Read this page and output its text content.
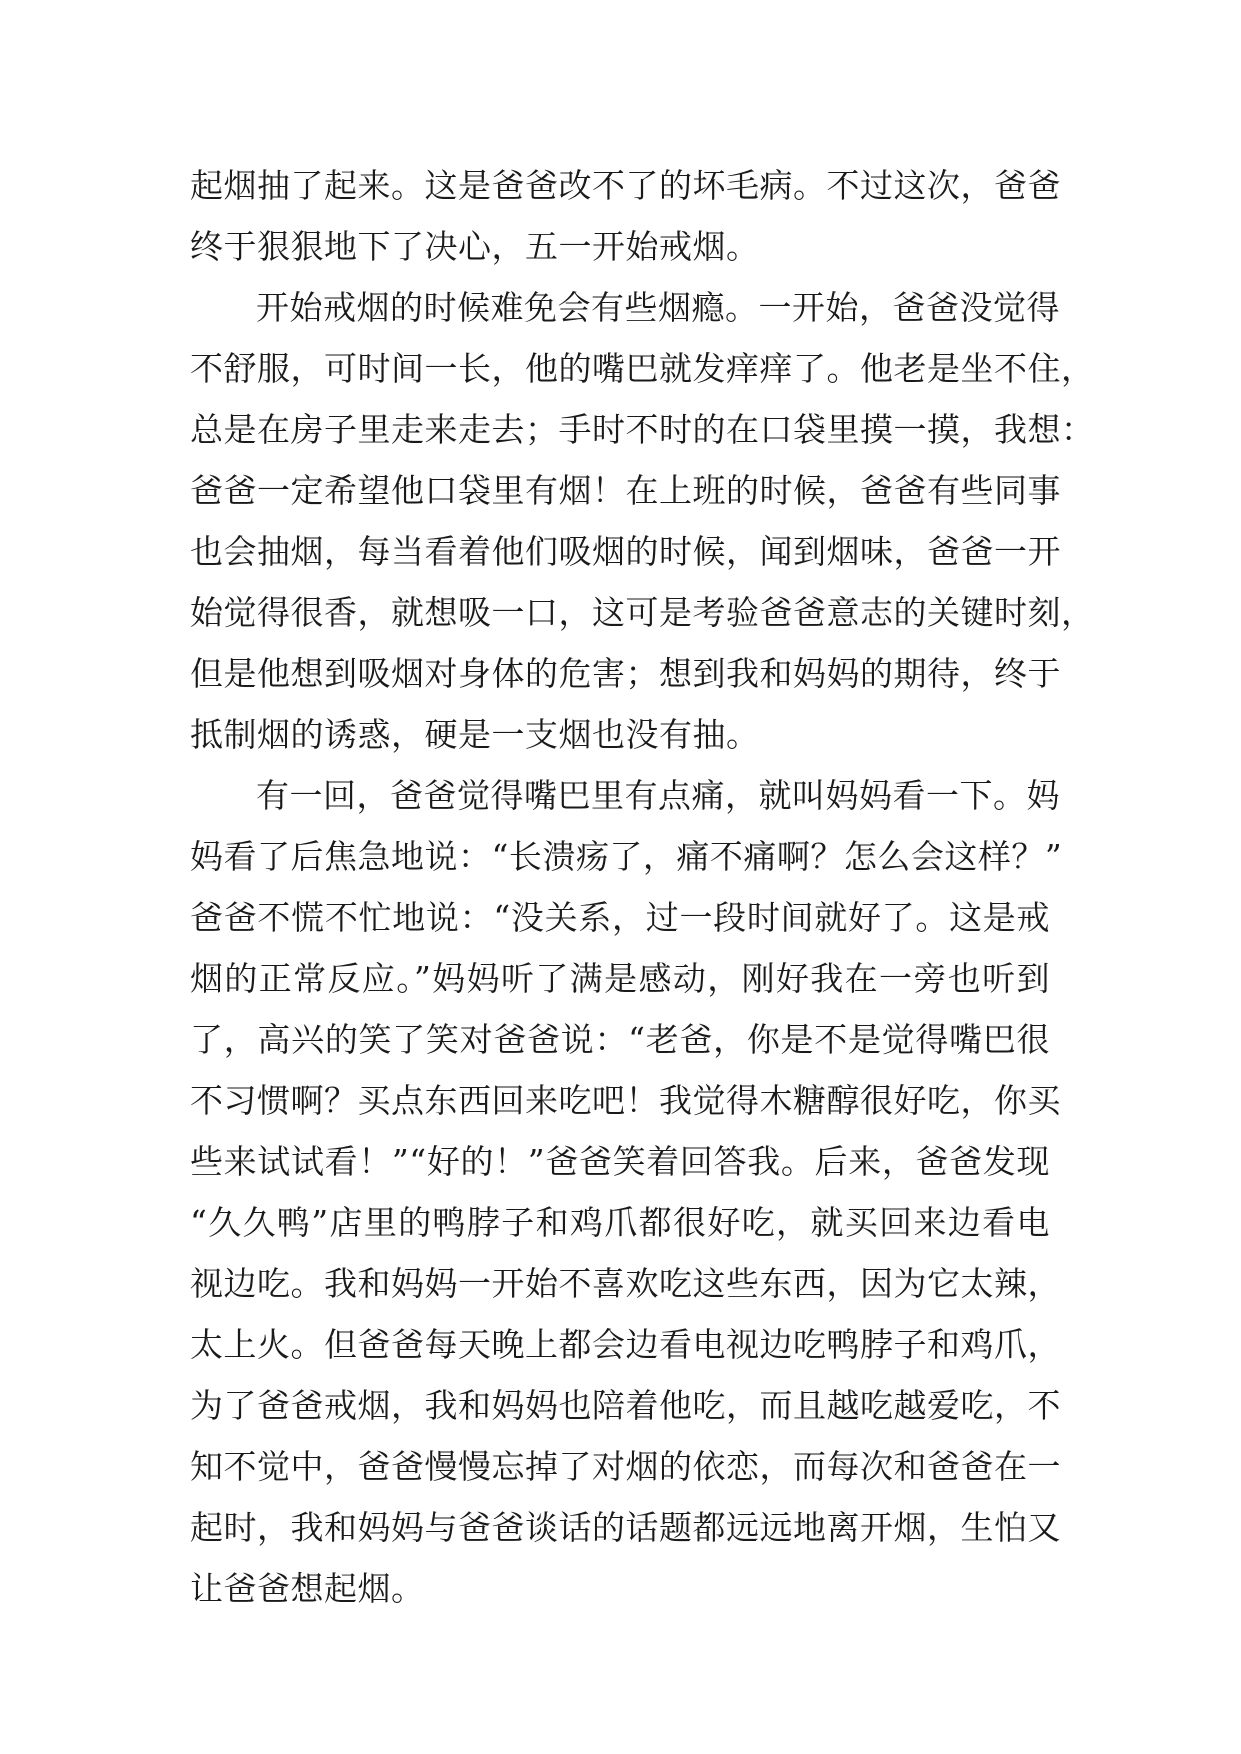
起烟抽了起来。这是爸爸改不了的坏毛病。不过这次，爸爸
终于狠狠地下了决心，五一开始戒烟。
开始戒烟的时候难免会有些烟瘾。一开始，爸爸没觉得
不舒服，可时间一长，他的嘴巴就发痒痒了。他老是坐不住，
总是在房子里走来走去；手时不时的在口袋里摸一摸，我想：
爸爸一定希望他口袋里有烟！在上班的时候，爸爸有些同事
也会抽烟，每当看着他们吸烟的时候，闻到烟味，爸爸一开
始觉得很香，就想吸一口，这可是考验爸爸意志的关键时刻，
但是他想到吸烟对身体的危害；想到我和妈妈的期待，终于
抵制烟的诱惑，硬是一支烟也没有抽。
有一回，爸爸觉得嘴巴里有点痛，就叫妈妈看一下。妈
妈看了后焦急地说：“长溃疡了，痛不痛啊？怎么会这样？”
爸爸不慌不忙地说：“没关系，过一段时间就好了。这是戒
烟的正常反应。”妈妈听了满是感动，刚好我在一旁也听到
了，高兴的笑了笑对爸爸说：“老爸，你是不是觉得嘴巴很
不习惯啊？买点东西回来吃吧！我觉得木糖醇很好吃，你买
些来试试看！”“好的！”爸爸笑着回答我。后来，爸爸发现
“久久鸭”店里的鸭脖子和鸡爪都很好吃，就买回来边看电
视边吃。我和妈妈一开始不喜欢吃这些东西，因为它太辣，
太上火。但爸爸每天晚上都会边看电视边吃鸭脖子和鸡爪，
为了爸爸戒烟，我和妈妈也陪着他吃，而且越吃越爱吃，不
知不觉中，爸爸慢慢忘掉了对烟的依恋，而每次和爸爸在一
起时，我和妈妈与爸爸谈话的话题都远远地离开烟，生怕又
让爸爸想起烟。
